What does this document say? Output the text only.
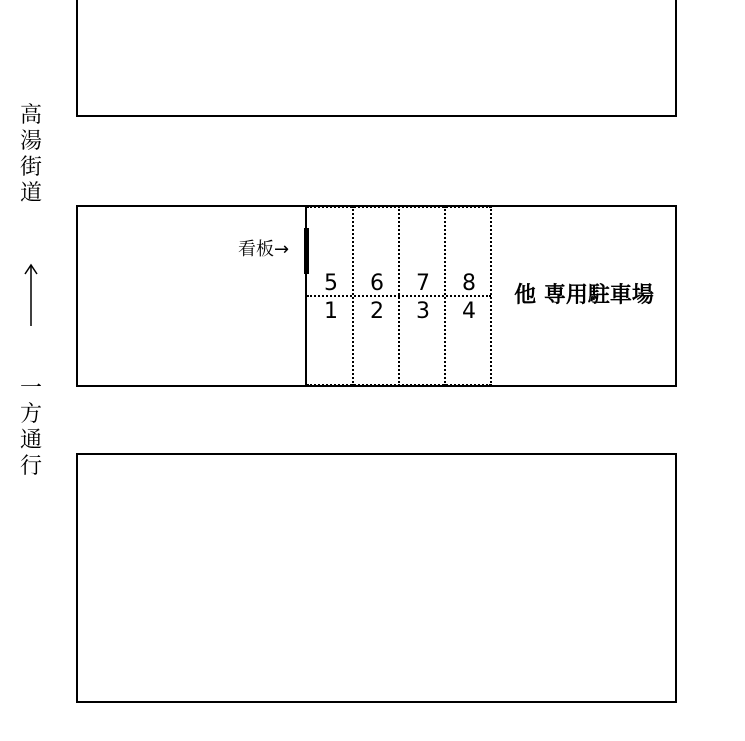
高
湯
街
道
一
方
通
行
看板→
5	6	7	8
1	2	3	4
他 専用駐車場
